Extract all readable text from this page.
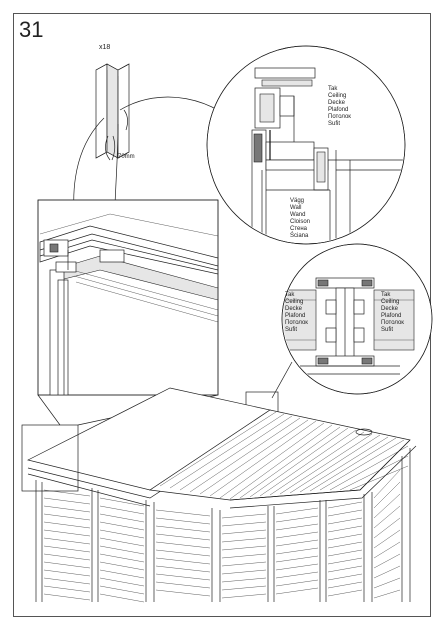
31
x18
70mm
Tak
Ceiling
Decke
Plafond
Потолок
Sufit
Vägg
Wall
Wand
Cloison
Стена
Ściana
Tak
Ceiling
Decke
Plafond
Потолок
Sufit
Tak
Ceiling
Decke
Plafond
Потолок
Sufit
